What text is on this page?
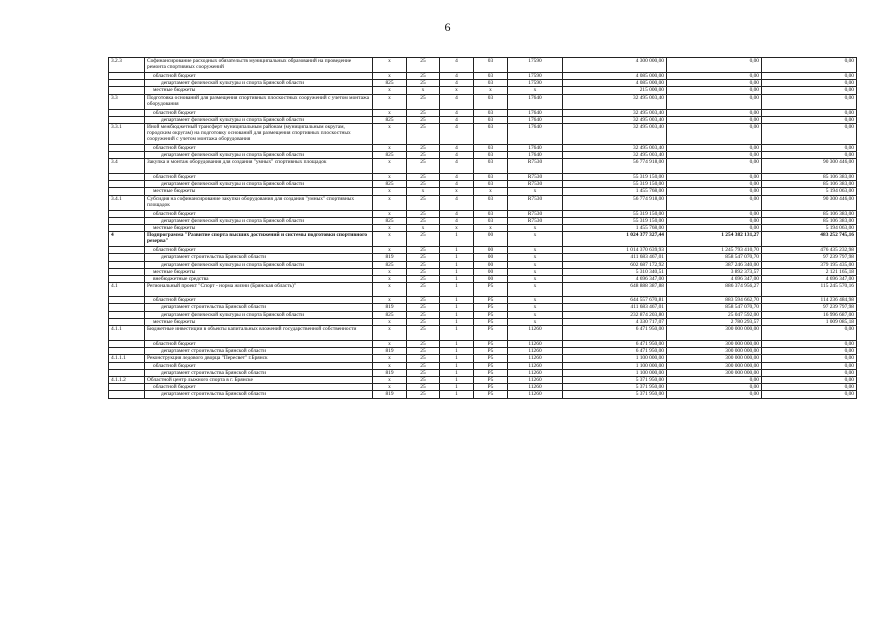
6
3.2.3	Софинансирование расходных обязательств муниципальных образований на проведение ремонта спортивных сооружений	х	25	4	03	17590	4 300 000,00	0,00	0,00
	областной бюджет	х	25	4	03	17590	4 085 000,00	0,00	0,00
	департамент физической культуры и спорта Брянской области	825	25	4	03	17590	4 085 000,00	0,00	0,00
	местные бюджеты	х	х	х	х	х	215 000,00	0,00	0,00
3.3	Подготовка оснований для размещения спортивных плоскостных сооружений с учетом монтажа оборудования	х	25	4	03	17640	32 495 003,40	0,00	0,00
	областной бюджет	х	25	4	03	17640	32 495 003,40	0,00	0,00
	департамент физической культуры и спорта Брянской области	825	25	4	03	17640	32 495 003,40	0,00	0,00
3.3.1	Иной межбюджетный трансферт муниципальным районам (муниципальным округам, городским округам) на подготовку оснований для размещения спортивных плоскостных сооружений с учетом монтажа оборудования	х	25	4	03	17640	32 495 003,40	0,00	0,00
	областной бюджет	х	25	4	03	17640	32 495 003,40	0,00	0,00
	департамент физической культуры и спорта Брянской области	825	25	4	03	17640	32 495 003,40	0,00	0,00
3.4	Закупка и монтаж оборудования для создания "умных" спортивных площадок	х	25	4	03	R7530	56 774 918,00	0,00	90 300 446,00
	областной бюджет	х	25	4	03	R7530	55 319 150,00	0,00	85 106 383,00
	департамент физической культуры и спорта Брянской области	825	25	4	03	R7530	55 319 150,00	0,00	85 106 383,00
	местные бюджеты	х	х	х	х	х	1 455 768,00	0,00	5 194 063,00
3.4.1	Субсидия на софинансирование закупки оборудования для создания "умных" спортивных площадок	х	25	4	03	R7530	56 774 918,00	0,00	90 300 446,00
	областной бюджет	х	25	4	03	R7530	55 319 150,00	0,00	85 106 383,00
	департамент физической культуры и спорта Брянской области	825	25	4	03	R7530	55 319 150,00	0,00	85 106 383,00
	местные бюджеты	х	х	х	х	х	1 455 768,00	0,00	5 194 063,00
4	Подпрограмма "Развитие спорта высших достижений и системы подготовки спортивного резерва"	х	25	1	00	х	1 024 377 327,44	1 254 382 131,27	483 252 745,16
	областной бюджет	х	25	1	00	х	1 014 370 639,93	1 245 793 410,70	476 435 232,98
	департамент строительства Брянской области	819	25	1	00	х	411 683 467,01	858 547 070,70	97 239 797,98
	департамент физической культуры и спорта Брянской области	825	25	1	00	х	602 687 172,92	387 246 340,00	379 195 435,00
	местные бюджеты	х	25	1	00	х	5 310 340,51	3 892 373,57	2 121 165,18
	внебюджетные средства	х	25	1	00	х	4 696 347,00	4 696 347,00	4 696 347,00
4.1	Региональный проект "Спорт - норма жизни (Брянская область)"	х	25	1	P5	х	648 888 387,88	886 374 956,27	115 245 570,16
	областной бюджет	х	25	1	P5	х	644 557 670,81	883 594 662,70	114 236 484,98
	департамент строительства Брянской области	819	25	1	P5	х	411 683 467,01	858 547 070,70	97 239 797,98
	департамент физической культуры и спорта Брянской области	825	25	1	P5	х	232 874 203,80	25 047 592,00	16 996 687,00
	местные бюджеты	х	25	1	P5	х	4 330 717,07	2 780 293,57	1 009 085,18
4.1.1	Бюджетные инвестиции в объекты капитальных вложений государственной собственности	х	25	1	P5	11260	6 471 950,00	300 000 000,00	0,00
	областной бюджет	х	25	1	P5	11260	6 471 950,00	300 000 000,00	0,00
	департамент строительства Брянской области	819	25	1	P5	11260	6 471 950,00	300 000 000,00	0,00
4.1.1.1	Реконструкция ледового дворца "Пересвет" г.Брянск	х	25	1	P5	11260	1 100 000,00	300 000 000,00	0,00
	областной бюджет	х	25	1	P5	11260	1 100 000,00	300 000 000,00	0,00
	департамент строительства Брянской области	819	25	1	P5	11260	1 100 000,00	300 000 000,00	0,00
4.1.1.2	Областной центр лыжного спорта в г. Брянске	х	25	1	P5	11260	5 371 950,00	0,00	0,00
	областной бюджет	х	25	1	P5	11260	5 371 950,00	0,00	0,00
	департамент строительства Брянской области	819	25	1	P5	11260	5 371 950,00	0,00	0,00
